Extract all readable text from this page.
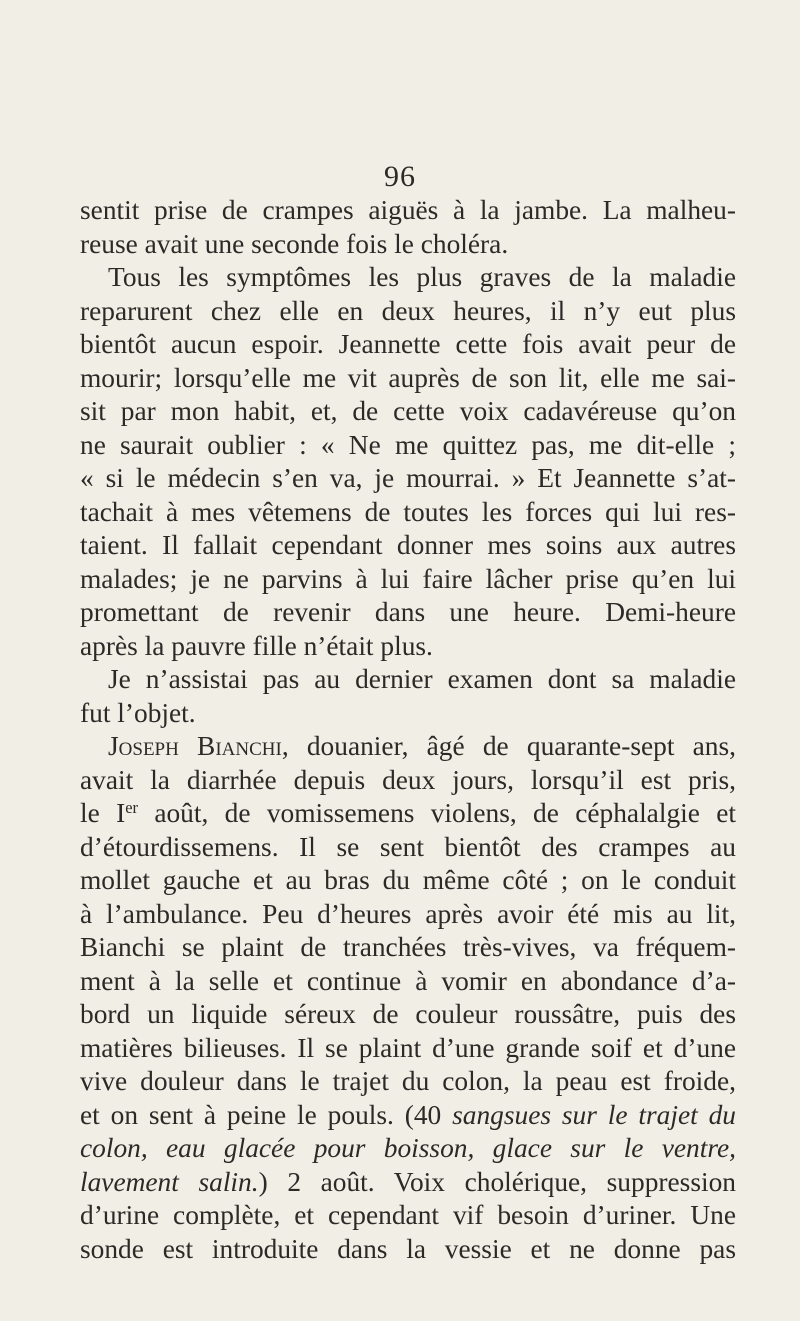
96
sentit prise de crampes aiguës à la jambe. La malheu-
reuse avait une seconde fois le choléra.
Tous les symptômes les plus graves de la maladie
reparurent chez elle en deux heures, il n’y eut plus
bientôt aucun espoir. Jeannette cette fois avait peur de
mourir; lorsqu’elle me vit auprès de son lit, elle me sai-
sit par mon habit, et, de cette voix cadavéreuse qu’on
ne saurait oublier : « Ne me quittez pas, me dit-elle ;
« si le médecin s’en va, je mourrai. » Et Jeannette s’at-
tachait à mes vêtemens de toutes les forces qui lui res-
taient. Il fallait cependant donner mes soins aux autres
malades; je ne parvins à lui faire lâcher prise qu’en lui
promettant de revenir dans une heure. Demi-heure
après la pauvre fille n’était plus.
Je n’assistai pas au dernier examen dont sa maladie
fut l’objet.
Joseph Bianchi, douanier, âgé de quarante-sept ans,
avait la diarrhée depuis deux jours, lorsqu’il est pris,
le Ier août, de vomissemens violens, de céphalalgie et
d’étourdissemens. Il se sent bientôt des crampes au
mollet gauche et au bras du même côté ; on le conduit
à l’ambulance. Peu d’heures après avoir été mis au lit,
Bianchi se plaint de tranchées très-vives, va fréquem-
ment à la selle et continue à vomir en abondance d’a-
bord un liquide séreux de couleur roussâtre, puis des
matières bilieuses. Il se plaint d’une grande soif et d’une
vive douleur dans le trajet du colon, la peau est froide,
et on sent à peine le pouls. (40 sangsues sur le trajet du
colon, eau glacée pour boisson, glace sur le ventre,
lavement salin.) 2 août. Voix cholérique, suppression
d’urine complète, et cependant vif besoin d’uriner. Une
sonde est introduite dans la vessie et ne donne pas
